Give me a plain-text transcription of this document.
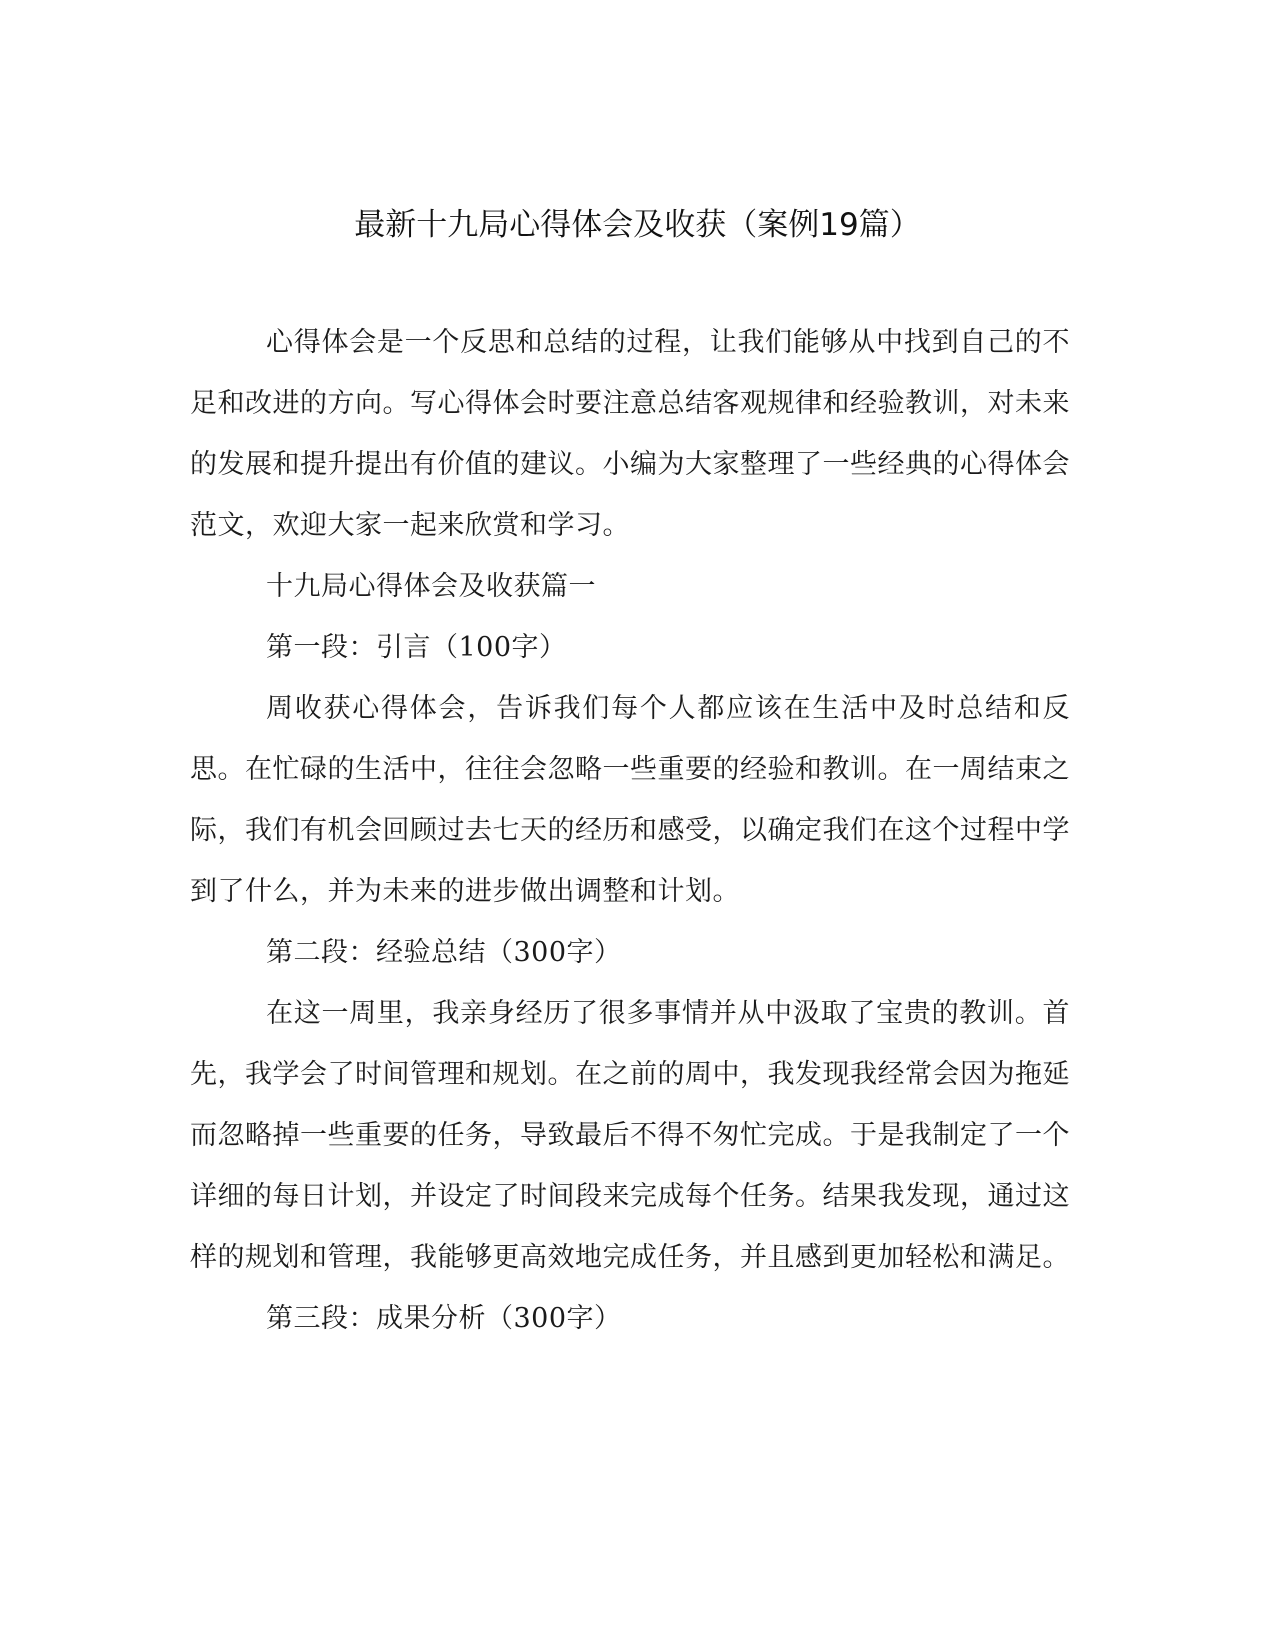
最新十九局心得体会及收获（案例19篇）

心得体会是一个反思和总结的过程，让我们能够从中找到自己的不足和改进的方向。写心得体会时要注意总结客观规律和经验教训，对未来的发展和提升提出有价值的建议。小编为大家整理了一些经典的心得体会范文，欢迎大家一起来欣赏和学习。

十九局心得体会及收获篇一

第一段：引言（100字）

周收获心得体会，告诉我们每个人都应该在生活中及时总结和反思。在忙碌的生活中，往往会忽略一些重要的经验和教训。在一周结束之际，我们有机会回顾过去七天的经历和感受，以确定我们在这个过程中学到了什么，并为未来的进步做出调整和计划。

第二段：经验总结（300字）

在这一周里，我亲身经历了很多事情并从中汲取了宝贵的教训。首先，我学会了时间管理和规划。在之前的周中，我发现我经常会因为拖延而忽略掉一些重要的任务，导致最后不得不匆忙完成。于是我制定了一个详细的每日计划，并设定了时间段来完成每个任务。结果我发现，通过这样的规划和管理，我能够更高效地完成任务，并且感到更加轻松和满足。

第三段：成果分析（300字）
